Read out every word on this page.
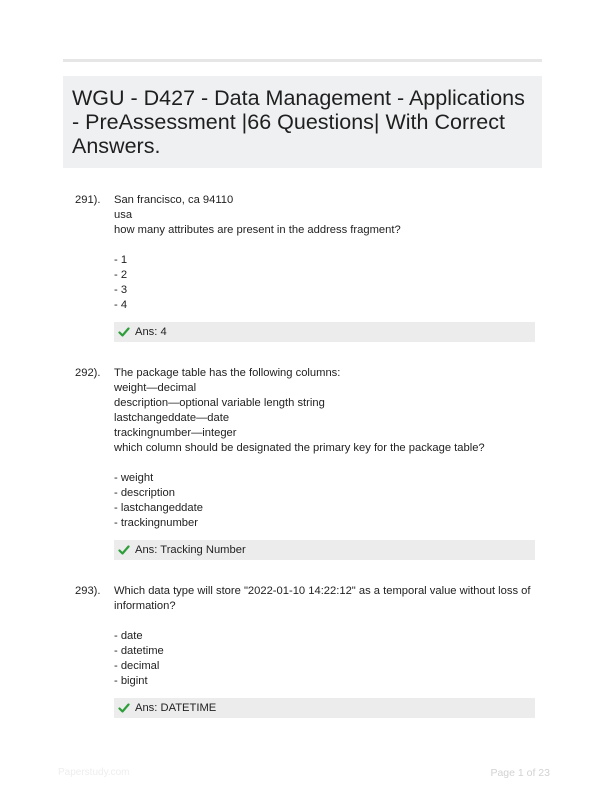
WGU - D427 - Data Management - Applications - PreAssessment |66 Questions| With Correct Answers.
291). San francisco, ca 94110
usa
how many attributes are present in the address fragment?
- 1
- 2
- 3
- 4
Ans: 4
292). The package table has the following columns:
weight—decimal
description—optional variable length string
lastchangeddate—date
trackingnumber—integer
which column should be designated the primary key for the package table?
- weight
- description
- lastchangeddate
- trackingnumber
Ans: Tracking Number
293). Which data type will store "2022-01-10 14:22:12" as a temporal value without loss of
information?
- date
- datetime
- decimal
- bigint
Ans: DATETIME
Paperstudy.com	Page 1 of 23
